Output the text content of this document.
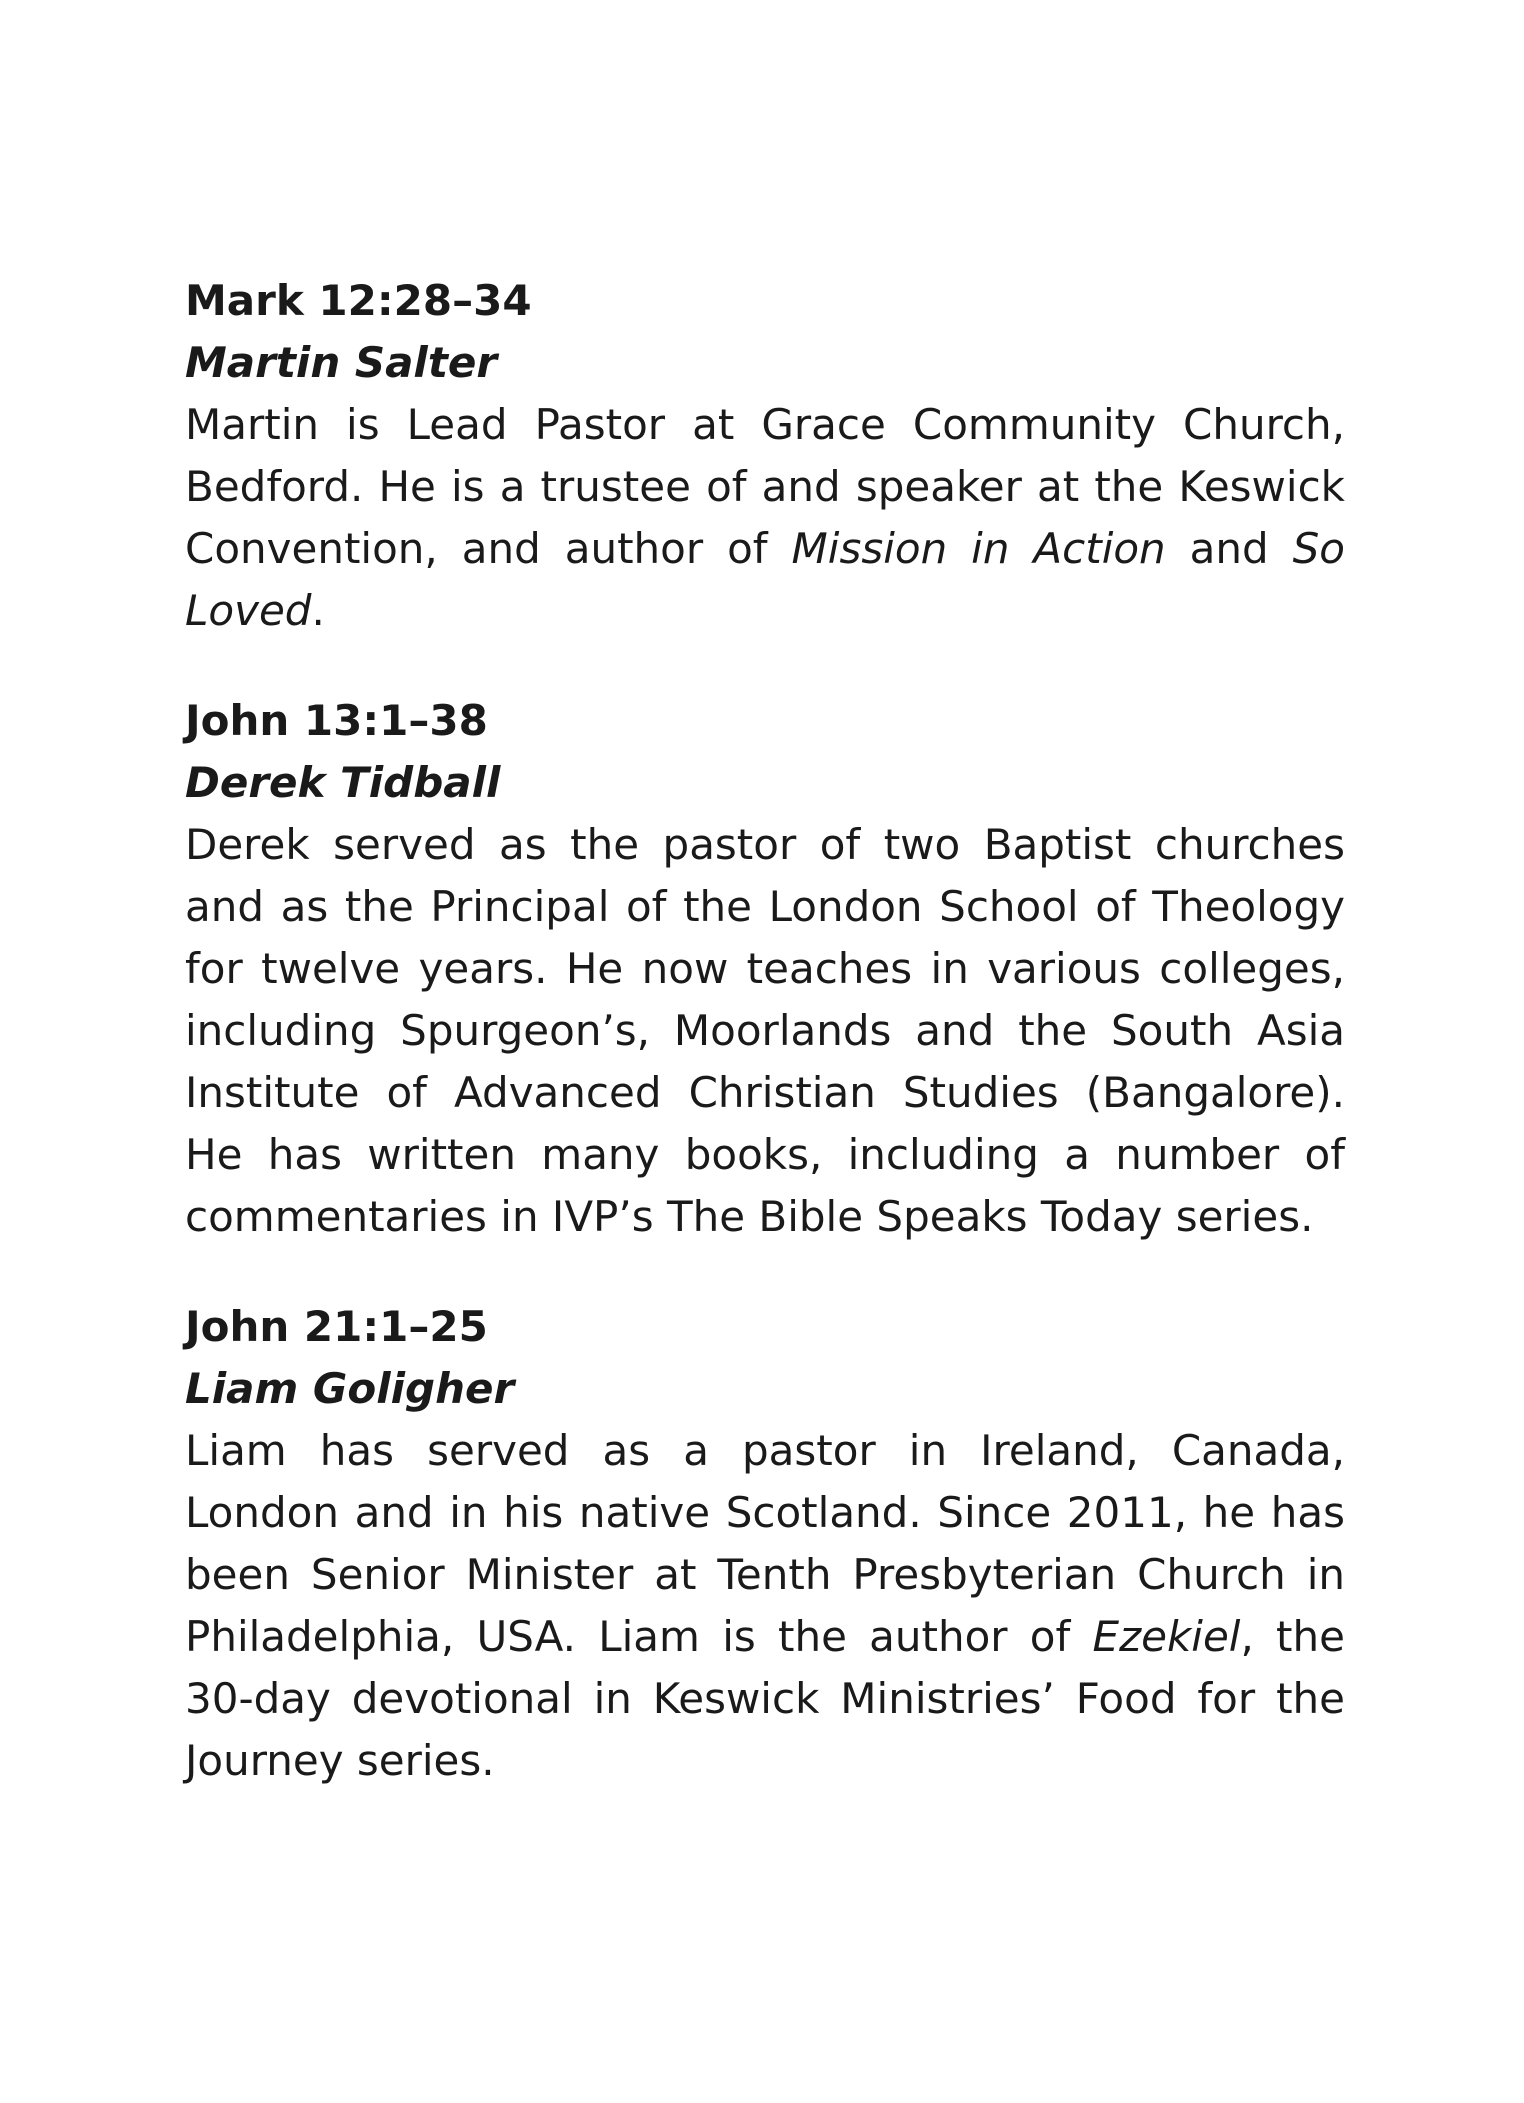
Mark 12:28–34

Martin Salter

Martin is Lead Pastor at Grace Community Church, Bedford. He is a trustee of and speaker at the Keswick Convention, and author of Mission in Action and So Loved.

John 13:1–38

Derek Tidball

Derek served as the pastor of two Baptist churches and as the Principal of the London School of Theology for twelve years. He now teaches in various colleges, including Spurgeon’s, Moorlands and the South Asia Institute of Advanced Christian Studies (Bangalore). He has written many books, including a number of commentaries in IVP’s The Bible Speaks Today series.

John 21:1–25

Liam Goligher

Liam has served as a pastor in Ireland, Canada, London and in his native Scotland. Since 2011, he has been Senior Minister at Tenth Presbyterian Church in Philadelphia, USA. Liam is the author of Ezekiel, the 30-day devotional in Keswick Ministries’ Food for the Journey series.
